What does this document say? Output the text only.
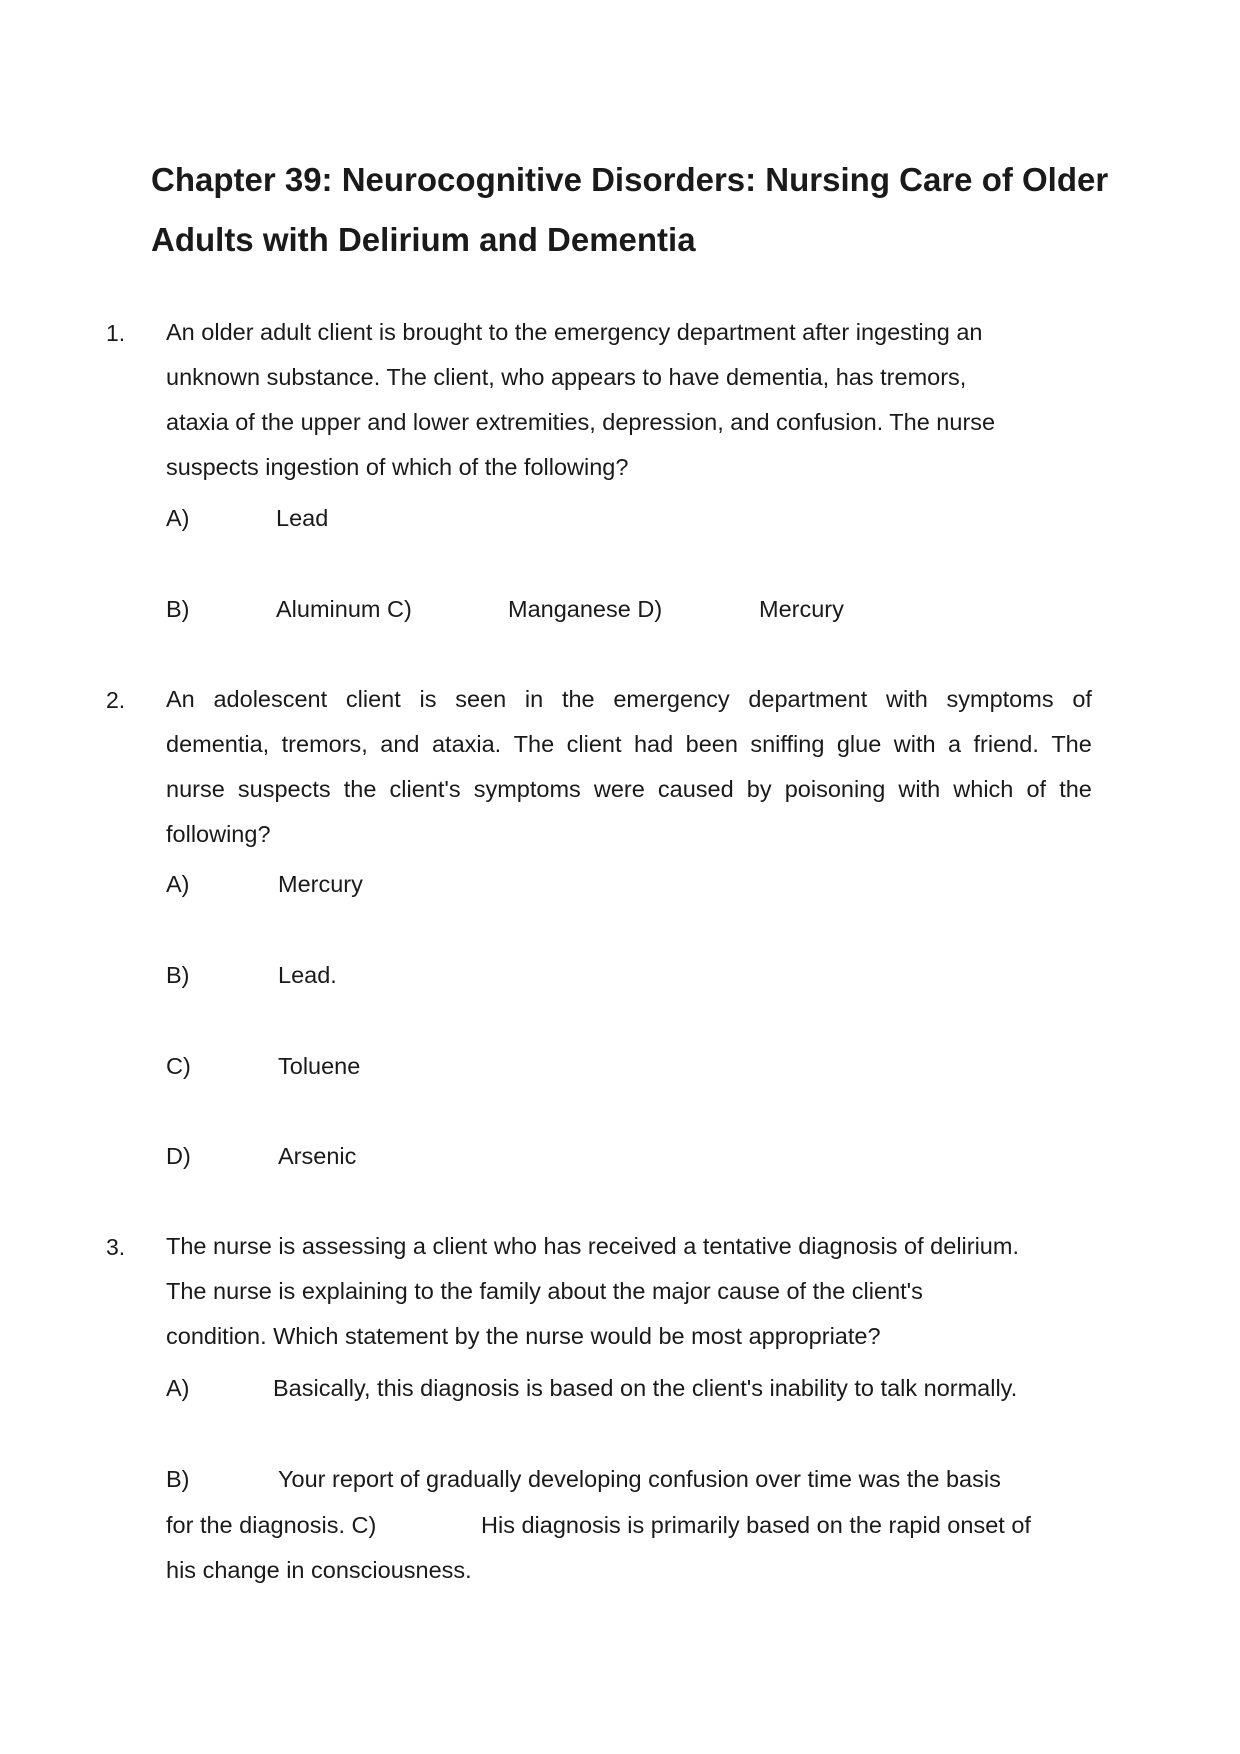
Chapter 39: Neurocognitive Disorders: Nursing Care of Older
Adults with Delirium and Dementia
1. An older adult client is brought to the emergency department after ingesting an
unknown substance. The client, who appears to have dementia, has tremors,
ataxia of the upper and lower extremities, depression, and confusion. The nurse
suspects ingestion of which of the following?
A)	Lead
B)	Aluminum C)	Manganese D)	Mercury
2. An adolescent client is seen in the emergency department with symptoms of
dementia, tremors, and ataxia. The client had been sniffing glue with a friend. The
nurse suspects the client's symptoms were caused by poisoning with which of the
following?
A)	Mercury
B)	Lead.
C)	Toluene
D)	Arsenic
3. The nurse is assessing a client who has received a tentative diagnosis of delirium.
The nurse is explaining to the family about the major cause of the client's
condition. Which statement by the nurse would be most appropriate?
A)	Basically, this diagnosis is based on the client's inability to talk normally.
B)	Your report of gradually developing confusion over time was the basis
for the diagnosis. C)	His diagnosis is primarily based on the rapid onset of
his change in consciousness.
